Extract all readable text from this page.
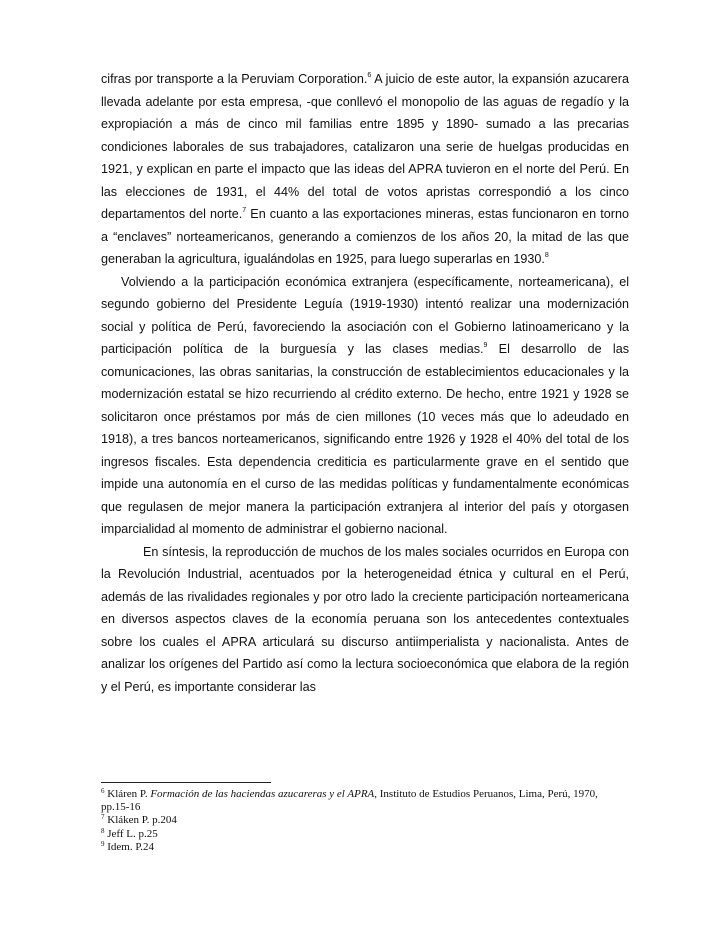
cifras por transporte a la Peruviam Corporation.$^6$ A juicio de este autor, la expansión azucarera llevada adelante por esta empresa, -que conllevó el monopolio de las aguas de regadío y la expropiación a más de cinco mil familias entre 1895 y 1890- sumado a las precarias condiciones laborales de sus trabajadores, catalizaron una serie de huelgas producidas en 1921, y explican en parte el impacto que las ideas del APRA tuvieron en el norte del Perú. En las elecciones de 1931, el 44% del total de votos apristas correspondió a los cinco departamentos del norte.$^7$ En cuanto a las exportaciones mineras, estas funcionaron en torno a “enclaves” norteamericanos, generando a comienzos de los años 20, la mitad de las que generaban la agricultura, igualándolas en 1925, para luego superarlas en 1930.$^8$

Volviendo a la participación económica extranjera (específicamente, norteamericana), el segundo gobierno del Presidente Leguía (1919-1930) intentó realizar una modernización social y política de Perú, favoreciendo la asociación con el Gobierno latinoamericano y la participación política de la burguesía y las clases medias.$^9$ El desarrollo de las comunicaciones, las obras sanitarias, la construcción de establecimientos educacionales y la modernización estatal se hizo recurriendo al crédito externo. De hecho, entre 1921 y 1928 se solicitaron once préstamos por más de cien millones (10 veces más que lo adeudado en 1918), a tres bancos norteamericanos, significando entre 1926 y 1928 el 40% del total de los ingresos fiscales. Esta dependencia crediticia es particularmente grave en el sentido que impide una autonomía en el curso de las medidas políticas y fundamentalmente económicas que regulasen de mejor manera la participación extranjera al interior del país y otorgasen imparcialidad al momento de administrar el gobierno nacional.

En síntesis, la reproducción de muchos de los males sociales ocurridos en Europa con la Revolución Industrial, acentuados por la heterogeneidad étnica y cultural en el Perú, además de las rivalidades regionales y por otro lado la creciente participación norteamericana en diversos aspectos claves de la economía peruana son los antecedentes contextuales sobre los cuales el APRA articulará su discurso antiimperialista y nacionalista. Antes de analizar los orígenes del Partido así como la lectura socioeconómica que elabora de la región y el Perú, es importante considerar las

$^6$ Kláren P. Formación de las haciendas azucareras y el APRA, Instituto de Estudios Peruanos, Lima, Perú, 1970, pp.15-16

$^7$ Kláken P. p.204

$^8$ Jeff L. p.25

$^9$ Idem. P.24
